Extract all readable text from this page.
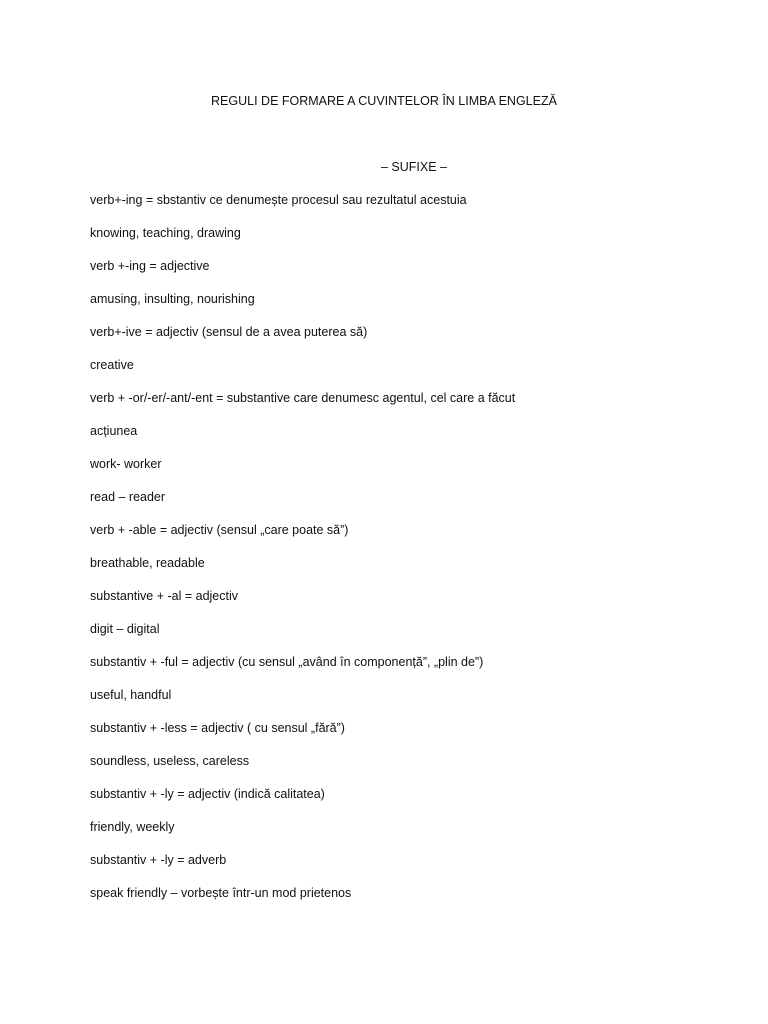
REGULI DE FORMARE A CUVINTELOR ÎN LIMBA ENGLEZĂ
– SUFIXE –
verb+-ing = sbstantiv ce denumește procesul sau rezultatul acestuia
knowing, teaching, drawing
verb +-ing = adjective
amusing, insulting, nourishing
verb+-ive = adjectiv (sensul de a avea puterea să)
creative
verb + -or/-er/-ant/-ent = substantive care denumesc agentul, cel care a făcut
acțiunea
work- worker
read – reader
verb + -able = adjectiv (sensul „care poate să”)
breathable, readable
substantive + -al = adjectiv
digit – digital
substantiv + -ful = adjectiv (cu sensul „având în componență”, „plin de”)
useful, handful
substantiv + -less = adjectiv ( cu sensul „fără”)
soundless, useless, careless
substantiv + -ly = adjectiv (indică calitatea)
friendly, weekly
substantiv + -ly = adverb
speak friendly – vorbește într-un mod prietenos
